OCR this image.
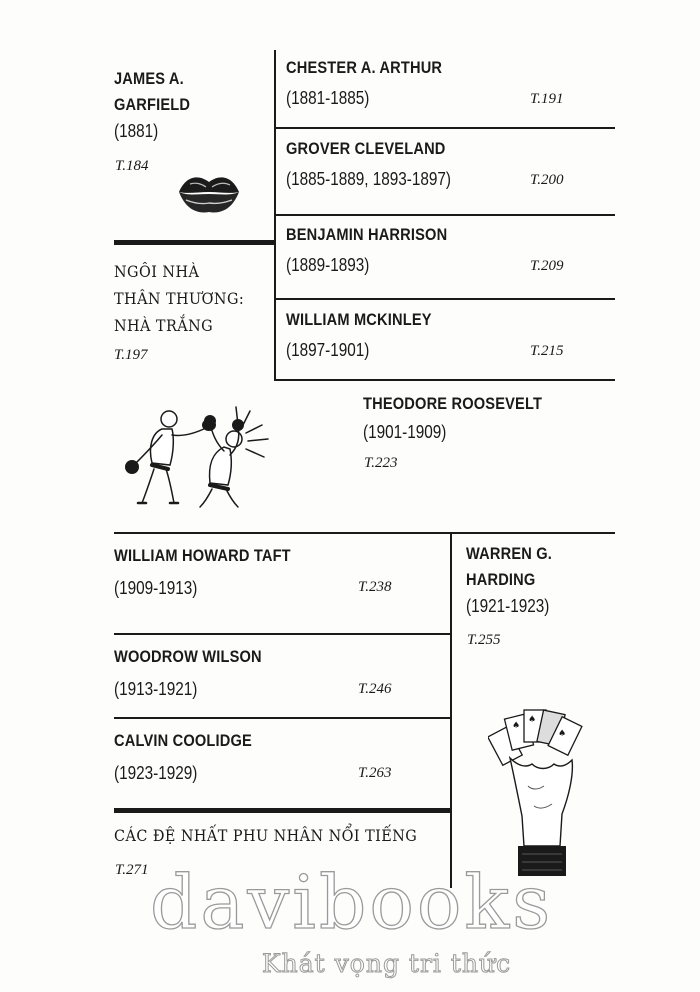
JAMES A.
GARFIELD
(1881)
T.184
NGÔI NHÀ
THÂN THƯƠNG:
NHÀ TRẮNG
T.197
CHESTER A. ARTHUR
(1881-1885)	T.191
GROVER CLEVELAND
(1885-1889, 1893-1897)	T.200
BENJAMIN HARRISON
(1889-1893)	T.209
WILLIAM MCKINLEY
(1897-1901)	T.215
THEODORE ROOSEVELT
(1901-1909)
T.223
WILLIAM HOWARD TAFT
(1909-1913)	T.238
WOODROW WILSON
(1913-1921)	T.246
CALVIN COOLIDGE
(1923-1929)	T.263
CÁC ĐỆ NHẤT PHU NHÂN NỔI TIẾNG
T.271
WARREN G.
HARDING
(1921-1923)
T.255
♠
♠
♠
davibooks
Khát vọng tri thức
